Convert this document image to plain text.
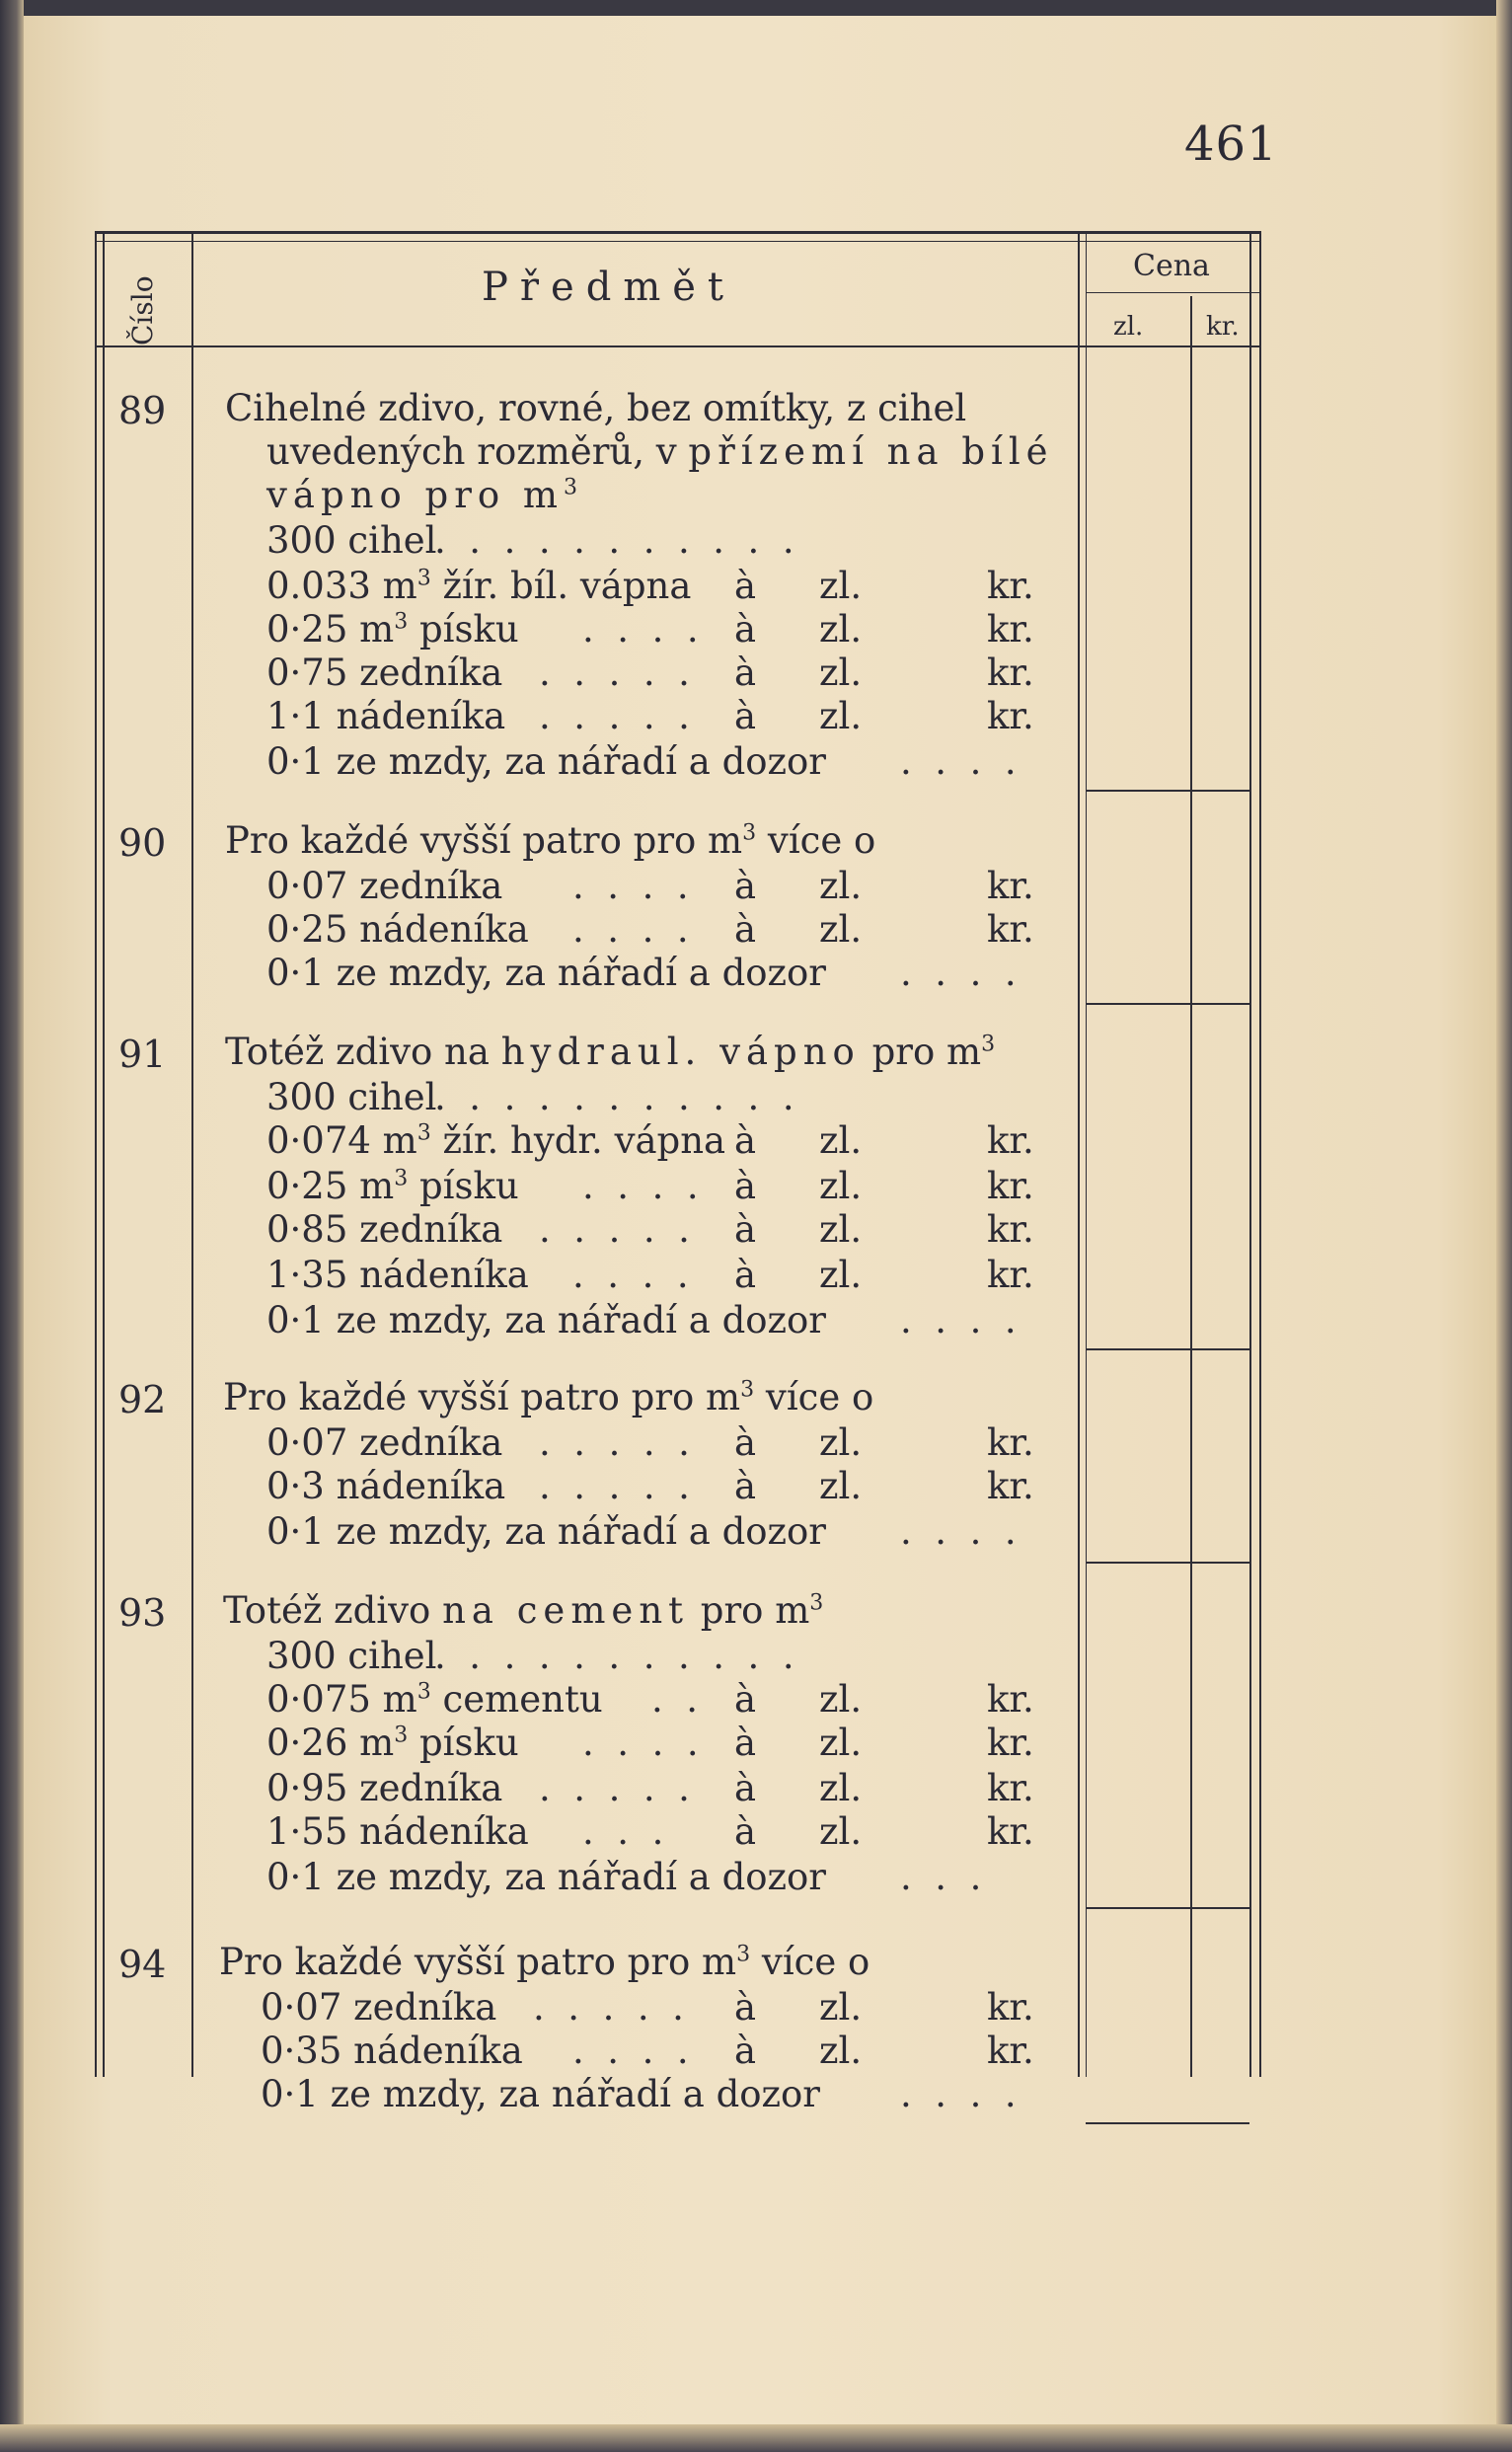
461
Číslo	Předmět	Cena
zl. kr.
89 Cihelné zdivo, rovné, bez omítky, z cihel
uvedených rozměrů, v přízemí na bílé
vápno pro $m^3$
300 cihel
.  .  .  .  .  .  .  .  .  .  .
0.033 $m^3$ žír. bíl. vápna à zl.	kr.
0·25 $m^3$ písku .  .  .  . à zl.	kr.
0·75 zedníka .  .  .  .  . à zl.	kr.
1·1 nádeníka .  .  .  .  . à zl.	kr.
0·1 ze mzdy, za nářadí a dozor .  .  .  .
90 Pro každé vyšší patro pro $m^3$ více o
0·07 zedníka .  .  .  . à zl.	kr.
0·25 nádeníka .  .  .  . à zl.	kr.
0·1 ze mzdy, za nářadí a dozor .  .  .  .
91 Totéž zdivo na hydraul. vápno pro $m^3$
300 cihel
.  .  .  .  .  .  .  .  .  .  .
0·074 $m^3$ žír. hydr. vápna à zl.	kr.
0·25 $m^3$ písku .  .  .  . à zl.	kr.
0·85 zedníka .  .  .  .  . à zl.	kr.
1·35 nádeníka .  .  .  . à zl.	kr.
0·1 ze mzdy, za nářadí a dozor .  .  .  .
92 Pro každé vyšší patro pro $m^3$ více o
0·07 zedníka .  .  .  .  . à zl.	kr.
0·3 nádeníka .  .  .  .  . à zl.	kr.
0·1 ze mzdy, za nářadí a dozor .  .  .  .
93 Totéž zdivo na cement pro $m^3$
300 cihel
.  .  .  .  .  .  .  .  .  .  .
0·075 $m^3$ cementu .  . à zl.	kr.
0·26 $m^3$ písku .  .  .  . à zl.	kr.
0·95 zedníka .  .  .  .  . à zl.	kr.
1·55 nádeníka .  .  . à zl.	kr.
0·1 ze mzdy, za nářadí a dozor .  .  .
94 Pro každé vyšší patro pro $m^3$ více o
0·07 zedníka .  .  .  .  . à zl.	kr.
0·35 nádeníka .  .  .  . à zl.	kr.
0·1 ze mzdy, za nářadí a dozor .  .  .  .
